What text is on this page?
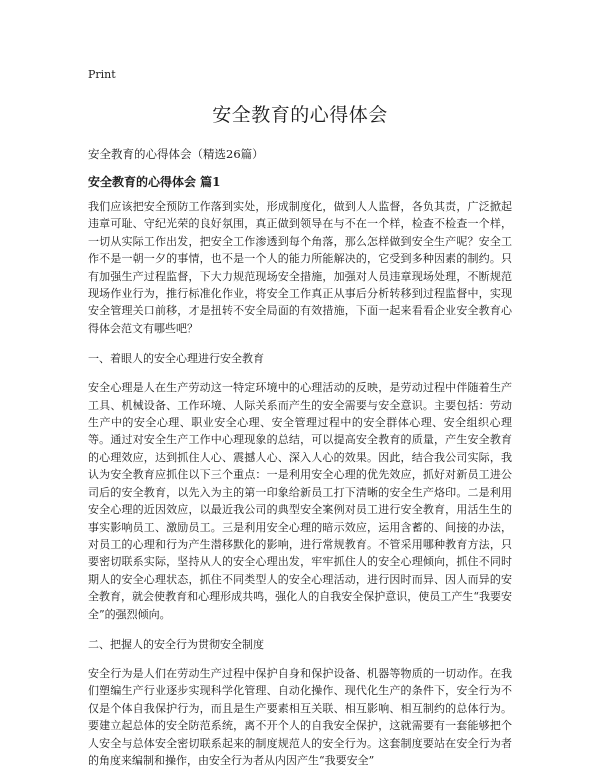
Print
安全教育的心得体会
安全教育的心得体会（精选26篇）
安全教育的心得体会 篇1

我们应该把安全预防工作落到实处，形成制度化，做到人人监督，各负其责，广泛掀起违章可耻、守纪光荣的良好氛围，真正做到领导在与不在一个样，检查不检查一个样，一切从实际工作出发，把安全工作渗透到每个角落，那么怎样做到安全生产呢？安全工作不是一朝一夕的事情，也不是一个人的能力所能解决的，它受到多种因素的制约。只有加强生产过程监督，下大力规范现场安全措施，加强对人员违章现场处理，不断规范现场作业行为，推行标准化作业，将安全工作真正从事后分析转移到过程监督中，实现安全管理关口前移，才是扭转不安全局面的有效措施，下面一起来看看企业安全教育心得体会范文有哪些吧？

一、着眼人的安全心理进行安全教育

安全心理是人在生产劳动这一特定环境中的心理活动的反映，是劳动过程中伴随着生产工具、机械设备、工作环境、人际关系而产生的安全需要与安全意识。主要包括：劳动生产中的安全心理、职业安全心理、安全管理过程中的安全群体心理、安全组织心理等。通过对安全生产工作中心理现象的总结，可以提高安全教育的质量，产生安全教育的心理效应，达到抓住人心、震撼人心、深入人心的效果。因此，结合我公司实际，我认为安全教育应抓住以下三个重点：一是利用安全心理的优先效应，抓好对新员工进公司后的安全教育，以先入为主的第一印象给新员工打下清晰的安全生产烙印。二是利用安全心理的近因效应，以最近我公司的典型安全案例对员工进行安全教育，用活生生的事实影响员工、激励员工。三是利用安全心理的暗示效应，运用含蓄的、间接的办法，对员工的心理和行为产生潜移默化的影响，进行常规教育。不管采用哪种教育方法，只要密切联系实际，坚持从人的安全心理出发，牢牢抓住人的安全心理倾向，抓住不同时期人的安全心理状态，抓住不同类型人的安全心理活动，进行因时而异、因人而异的安全教育，就会使教育和心理形成共鸣，强化人的自我安全保护意识，使员工产生“我要安全”的强烈倾向。

二、把握人的安全行为贯彻安全制度

安全行为是人们在劳动生产过程中保护自身和保护设备、机器等物质的一切动作。在我们塑编生产行业逐步实现科学化管理、自动化操作、现代化生产的条件下，安全行为不仅是个体自我保护行为，而且是生产要素相互关联、相互影响、相互制约的总体行为。要建立起总体的安全防范系统，离不开个人的自我安全保护，这就需要有一套能够把个人安全与总体安全密切联系起来的制度规范人的安全行为。这套制度要站在安全行为者的角度来编制和操作，由安全行为者从内因产生“我要安全”
